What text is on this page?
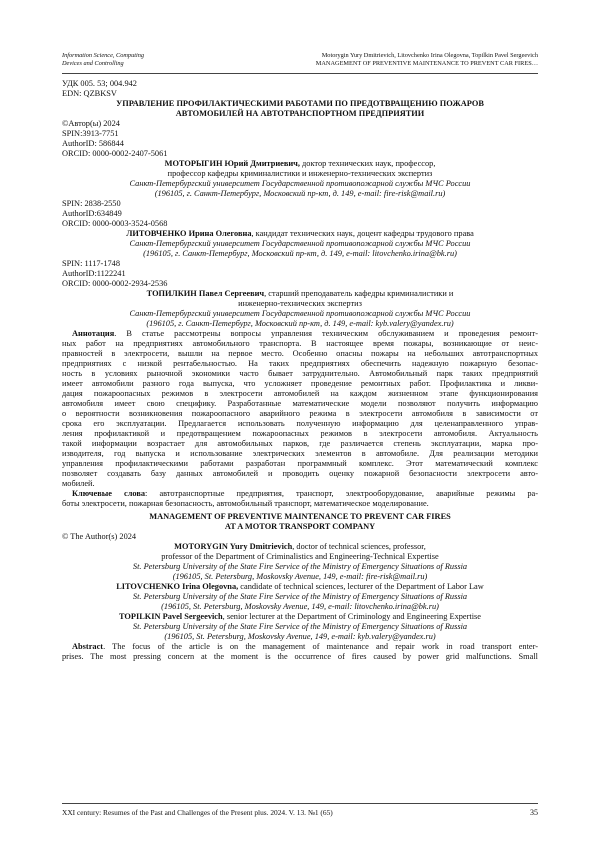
Information Science, Computing
Devices and Controlling
Motorygin Yury Dmitrievich, Litovchenko Irina Olegovna, Topilkin Pavel Sergeevich
MANAGEMENT OF PREVENTIVE MAINTENANCE TO PREVENT CAR FIRES…
УДК 005. 53; 004.942
EDN: QZBKSV
УПРАВЛЕНИЕ ПРОФИЛАКТИЧЕСКИМИ РАБОТАМИ ПО ПРЕДОТВРАЩЕНИЮ ПОЖАРОВ
АВТОМОБИЛЕЙ НА АВТОТРАНСПОРТНОМ ПРЕДПРИЯТИИ
©Автор(ы) 2024
SPIN:3913-7751
AuthorID: 586844
ORCID: 0000-0002-2407-5061
МОТОРЫГИН Юрий Дмитриевич, доктор технических наук, профессор,
профессор кафедры криминалистики и инженерно-технических экспертиз
Санкт-Петербургский университет Государственной противопожарной службы МЧС России
(196105, г. Санкт-Петербург, Московский пр-кт, д. 149, e-mail: fire-risk@mail.ru)
SPIN: 2838-2550
AuthorID:634849
ORCID: 0000-0003-3524-0568
ЛИТОВЧЕНКО Ирина Олеговна, кандидат технических наук, доцент кафедры трудового права
Санкт-Петербургский университет Государственной противопожарной службы МЧС России
(196105, г. Санкт-Петербург, Московский пр-кт, д. 149, e-mail: litovchenko.irina@bk.ru)
SPIN: 1117-1748
AuthorID:1122241
ORCID: 0000-0002-2934-2536
ТОПИЛКИН Павел Сергеевич, старший преподаватель кафедры криминалистики и
инженерно-технических экспертиз
Санкт-Петербургский университет Государственной противопожарной службы МЧС России
(196105, г. Санкт-Петербург, Московский пр-кт, д. 149, e-mail: kyb.valery@yandex.ru)
Аннотация. В статье рассмотрены вопросы управления техническим обслуживанием и проведения ремонт-
ных работ на предприятиях автомобильного транспорта. В настоящее время пожары, возникающие от неис-
правностей в электросети, вышли на первое место. Особенно опасны пожары на небольших автотранспортных
предприятиях с низкой рентабельностью. На таких предприятиях обеспечить надежную пожарную безопас-
ность в условиях рыночной экономики часто бывает затруднительно. Автомобильный парк таких предприятий
имеет автомобили разного года выпуска, что усложняет проведение ремонтных работ. Профилактика и ликви-
дация пожароопасных режимов в электросети автомобилей на каждом жизненном этапе функционирования
автомобиля имеет свою специфику. Разработанные математические модели позволяют получить информацию
о вероятности возникновения пожароопасного аварийного режима в электросети автомобиля в зависимости от
срока его эксплуатации. Предлагается использовать полученную информацию для целенаправленного управ-
ления профилактикой и предотвращением пожароопасных режимов в электросети автомобиля. Актуальность
такой информации возрастает для автомобильных парков, где различается степень эксплуатации, марка про-
изводителя, год выпуска и использование электрических элементов в автомобиле. Для реализации методики
управления профилактическими работами разработан программный комплекс. Этот математический комплекс
позволяет создавать базу данных автомобилей и проводить оценку пожарной безопасности электросети авто-
мобилей.
Ключевые слова: автотранспортные предприятия, транспорт, электрооборудование, аварийные режимы ра-
боты электросети, пожарная безопасность, автомобильный транспорт, математическое моделирование.
MANAGEMENT OF PREVENTIVE MAINTENANCE TO PREVENT CAR FIRES
AT A MOTOR TRANSPORT COMPANY
© The Author(s) 2024
MOTORYGIN Yury Dmitrievich, doctor of technical sciences, professor,
professor of the Department of Criminalistics and Engineering-Technical Expertise
St. Petersburg University of the State Fire Service of the Ministry of Emergency Situations of Russia
(196105, St. Petersburg, Moskovsky Avenue, 149, e-mail: fire-risk@mail.ru)
LITOVCHENKO Irina Olegovna, candidate of technical sciences, lecturer of the Department of Labor Law
St. Petersburg University of the State Fire Service of the Ministry of Emergency Situations of Russia
(196105, St. Petersburg, Moskovsky Avenue, 149, e-mail: litovchenko.irina@bk.ru)
TOPILKIN Pavel Sergeevich, senior lecturer at the Department of Criminology and Engineering Expertise
St. Petersburg University of the State Fire Service of the Ministry of Emergency Situations of Russia
(196105, St. Petersburg, Moskovsky Avenue, 149, e-mail: kyb.valery@yandex.ru)
Abstract. The focus of the article is on the management of maintenance and repair work in road transport enter-
prises. The most pressing concern at the moment is the occurrence of fires caused by power grid malfunctions. Small
XXI century: Resumes of the Past and Challenges of the Present plus. 2024. V. 13. №1 (65)	35
